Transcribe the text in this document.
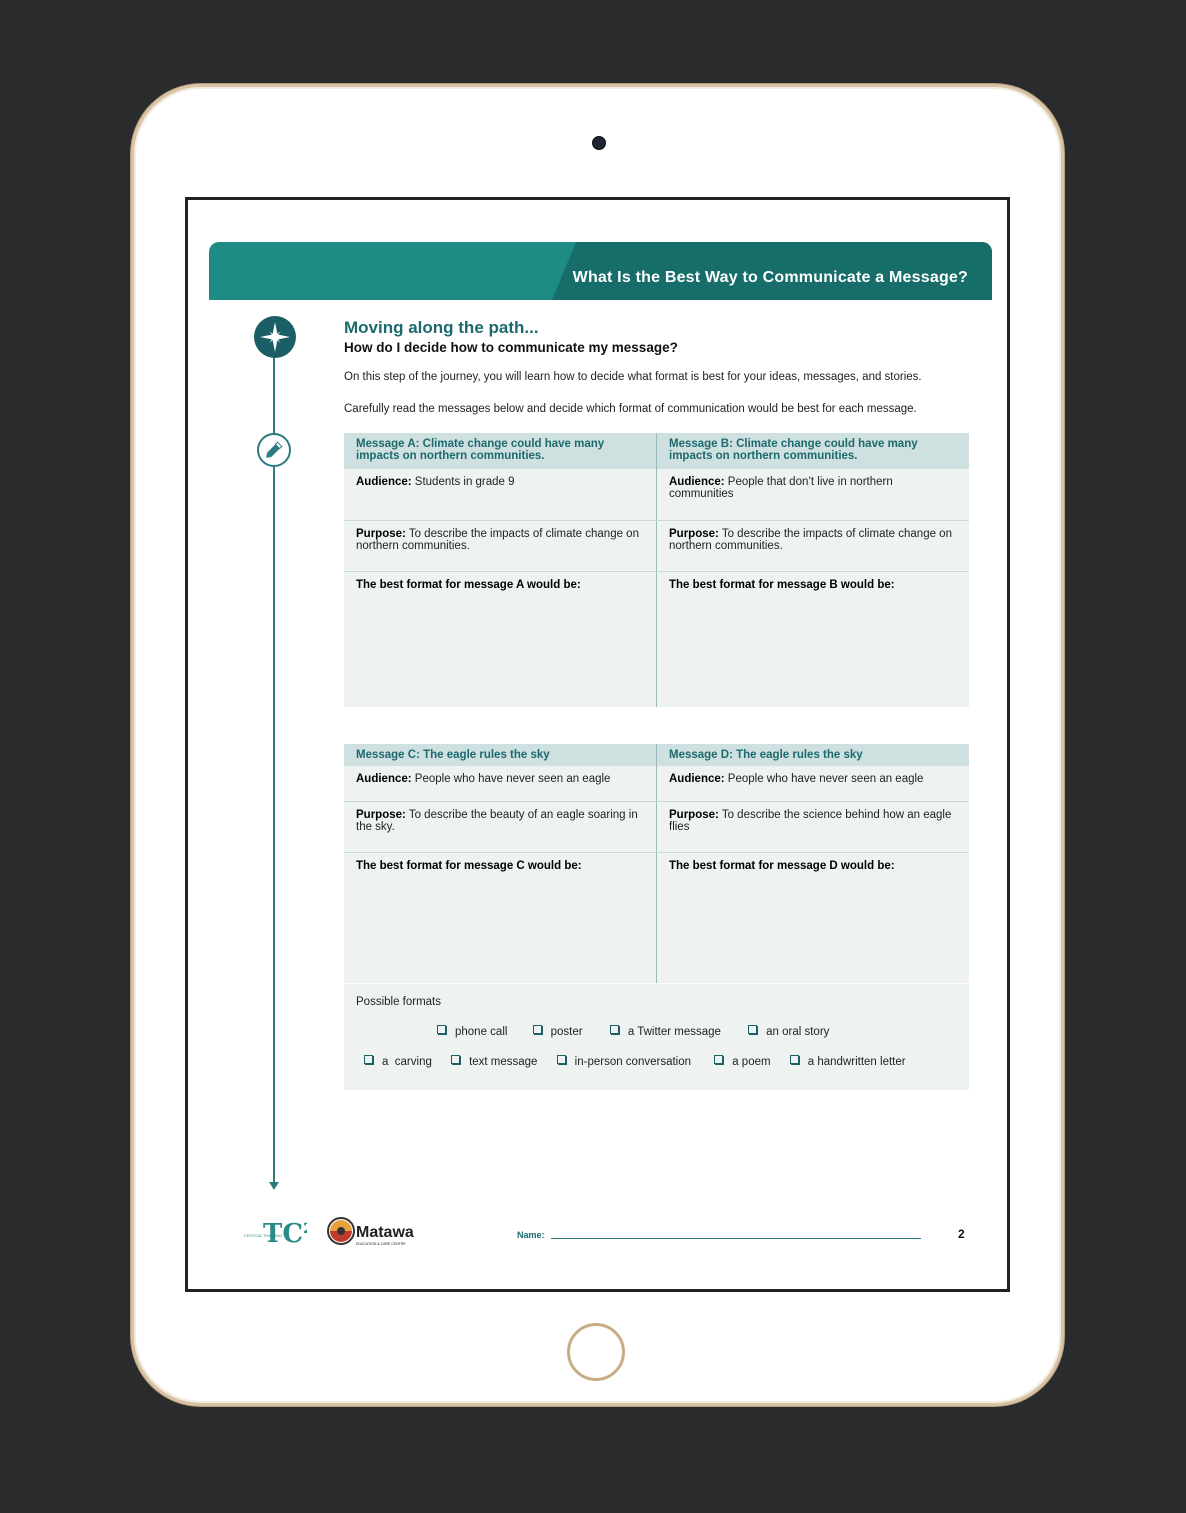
What Is the Best Way to Communicate a Message?
Moving along the path...
How do I decide how to communicate my message?
On this step of the journey, you will learn how to decide what format is best for your ideas, messages, and stories.
Carefully read the messages below and decide which format of communication would be best for each message.
Message A: Climate change could have many impacts on northern communities.	Message B: Climate change could have many impacts on northern communities.
Audience: Students in grade 9	Audience: People that don’t live in northern communities
Purpose: To describe the impacts of climate change on northern communities.	Purpose: To describe the impacts of climate change on northern communities.
The best format for message A would be:	The best format for message B would be:
Message C: The eagle rules the sky	Message D: The eagle rules the sky
Audience: People who have never seen an eagle	Audience: People who have never seen an eagle
Purpose: To describe the beauty of an eagle soaring in the sky.	Purpose: To describe the science behind how an eagle flies
The best format for message C would be:	The best format for message D would be:
Possible formats
phone call	poster	a Twitter message	an oral story
a  carving	text message	in-person conversation	a poem	a handwritten letter
TC
CRITICAL THINKING	Matawa
EDUCATION & CARE CENTRE
Name:	2
